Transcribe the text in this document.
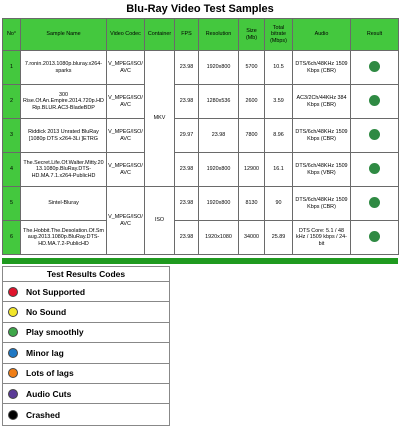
Blu-Ray Video Test Samples
No°	Sample Name	Video Codec	Container	FPS	Resolution	Size (Mb)	Total bitrate (Mbps)	Audio	Result
1	7.ronin.2013.1080p.bluray.x264-sparks	V_MPEG/ISO/AVC	MKV	23.98	1920x800	5700	10.5	DTS/6ch/48KHz 1509 Kbps (CBR)	
2	300 Rise.Of.An.Empire.2014.720p.HDRip.BLUR.AC3-BladeBDP	V_MPEG/ISO/AVC		23.98	1280x536	2600	3.59	AC3/2Ch/44KHz 384 Kbps (CBR)	
3	Riddick 2013 Unrated BluRay [1080p DTS x264-3Li ]ETRG	V_MPEG/ISO/AVC		29.97	23.98	7800	8.96	DTS/6ch/48KHz 1509 Kbps (CBR)	
4	The.Secret.Life.Of.Walter.Mitty.2013.1080p.BluRay.DTS-HD.MA.7.1.x264-PublicHD	V_MPEG/ISO/AVC		23.98	1920x800	12900	16.1	DTS/6ch/48KHz 1509 Kbps (VBR)	
5	Sintel-Bluray	V_MPEG/ISO/AVC	ISO	23.98	1920x800	8130	90	DTS/6ch/48KHz 1509 Kbps (CBR)	
6	The.Hobbit.The.Desolation.Of.Smaug.2013.1080p.BluRay.DTS-HD.MA.7.2-PublicHD			23.98	1920x1080	34000	25.89	DTS Core: 5.1 / 48 kHz / 1509 kbps / 24-bit	
Test Results Codes
Not Supported
No Sound
Play smoothly
Minor lag
Lots of lags
Audio Cuts
Crashed
